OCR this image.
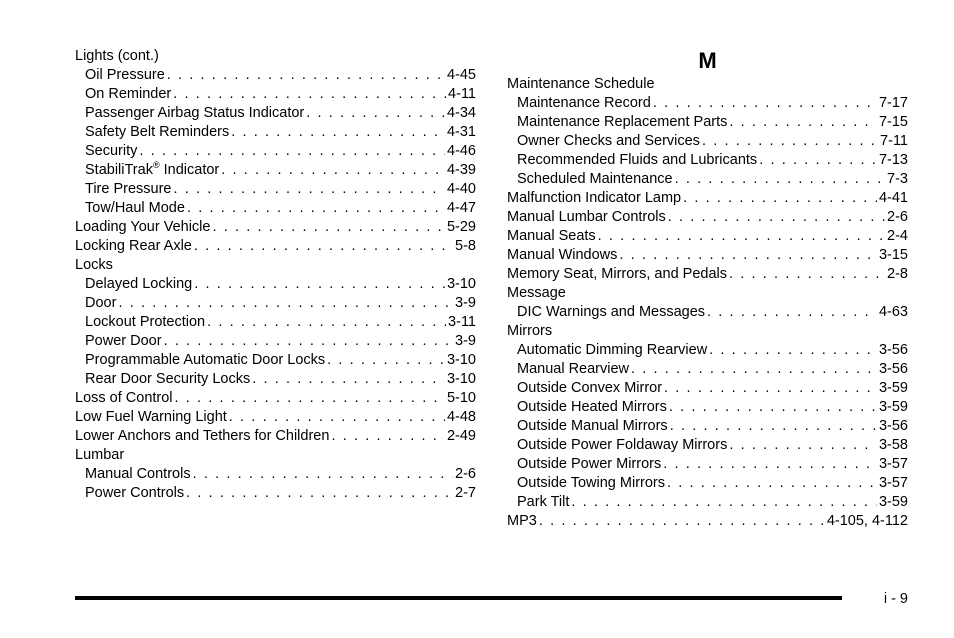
Lights (cont.)
Oil Pressure . . .	4-45
On Reminder . . .	4-11
Passenger Airbag Status Indicator . . .	4-34
Safety Belt Reminders . . .	4-31
Security . . .	4-46
StabiliTrak® Indicator . . .	4-39
Tire Pressure . . .	4-40
Tow/Haul Mode . . .	4-47
Loading Your Vehicle . . .	5-29
Locking Rear Axle . . .	5-8
Locks
Delayed Locking . . .	3-10
Door . . .	3-9
Lockout Protection . . .	3-11
Power Door . . .	3-9
Programmable Automatic Door Locks . . .	3-10
Rear Door Security Locks . . .	3-10
Loss of Control . . .	5-10
Low Fuel Warning Light . . .	4-48
Lower Anchors and Tethers for Children . . .	2-49
Lumbar
Manual Controls . . .	2-6
Power Controls . . .	2-7
M
Maintenance Schedule
Maintenance Record . . .	7-17
Maintenance Replacement Parts . . .	7-15
Owner Checks and Services . . .	7-11
Recommended Fluids and Lubricants . . .	7-13
Scheduled Maintenance . . .	7-3
Malfunction Indicator Lamp . . .	4-41
Manual Lumbar Controls . . .	2-6
Manual Seats . . .	2-4
Manual Windows . . .	3-15
Memory Seat, Mirrors, and Pedals . . .	2-8
Message
DIC Warnings and Messages . . .	4-63
Mirrors
Automatic Dimming Rearview . . .	3-56
Manual Rearview . . .	3-56
Outside Convex Mirror . . .	3-59
Outside Heated Mirrors . . .	3-59
Outside Manual Mirrors . . .	3-56
Outside Power Foldaway Mirrors . . .	3-58
Outside Power Mirrors . . .	3-57
Outside Towing Mirrors . . .	3-57
Park Tilt . . .	3-59
MP3 . . .	4-105, 4-112
i - 9
